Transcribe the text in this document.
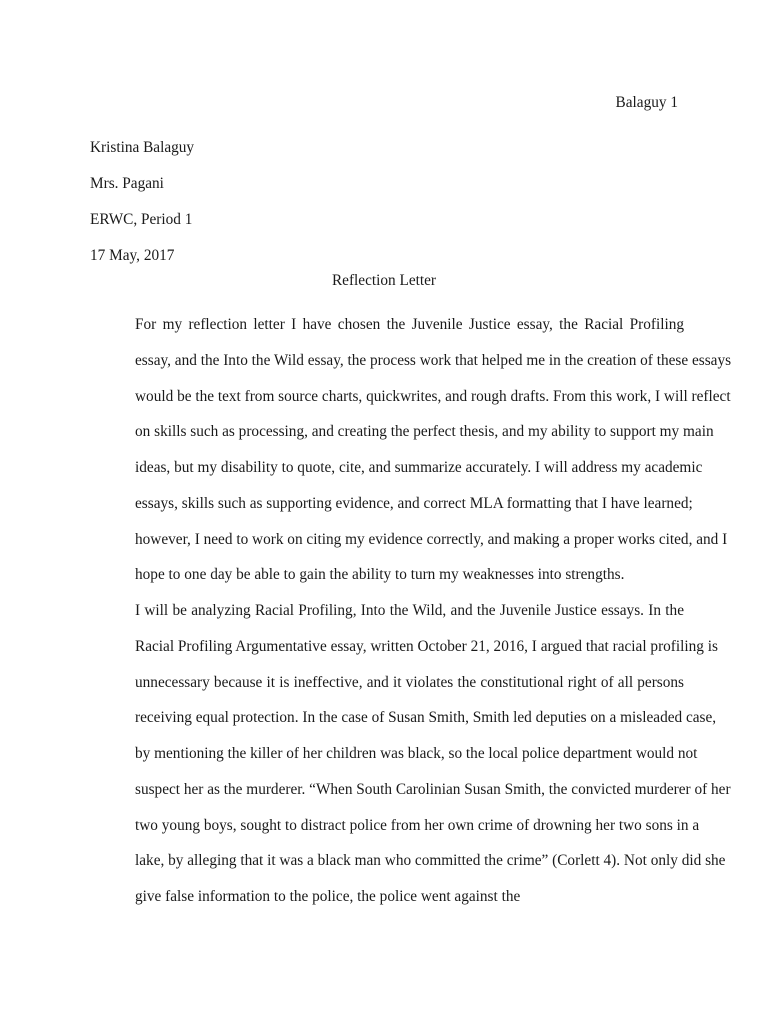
Balaguy 1
Kristina Balaguy
Mrs. Pagani
ERWC, Period 1
17 May, 2017
Reflection Letter

For my reflection letter I have chosen the Juvenile Justice essay, the Racial Profiling
essay, and the Into the Wild essay, the process work that helped me in the creation of these essays
would be the text from source charts, quickwrites, and rough drafts. From this work, I will reflect
on skills such as processing, and creating the perfect thesis, and my ability to support my main
ideas, but my disability to quote, cite, and summarize accurately. I will address my academic
essays, skills such as supporting evidence, and correct MLA formatting that I have learned;
however, I need to work on citing my evidence correctly, and making a proper works cited, and I
hope to one day be able to gain the ability to turn my weaknesses into strengths.

I will be analyzing Racial Profiling, Into the Wild, and the Juvenile Justice essays. In the
Racial Profiling Argumentative essay, written October 21, 2016, I argued that racial profiling is
unnecessary because it is ineffective, and it violates the constitutional right of all persons
receiving equal protection. In the case of Susan Smith, Smith led deputies on a misleaded case,
by mentioning the killer of her children was black, so the local police department would not
suspect her as the murderer. “When South Carolinian Susan Smith, the convicted murderer of her
two young boys, sought to distract police from her own crime of drowning her two sons in a
lake, by alleging that it was a black man who committed the crime” (Corlett 4). Not only did she
give false information to the police, the police went against the
